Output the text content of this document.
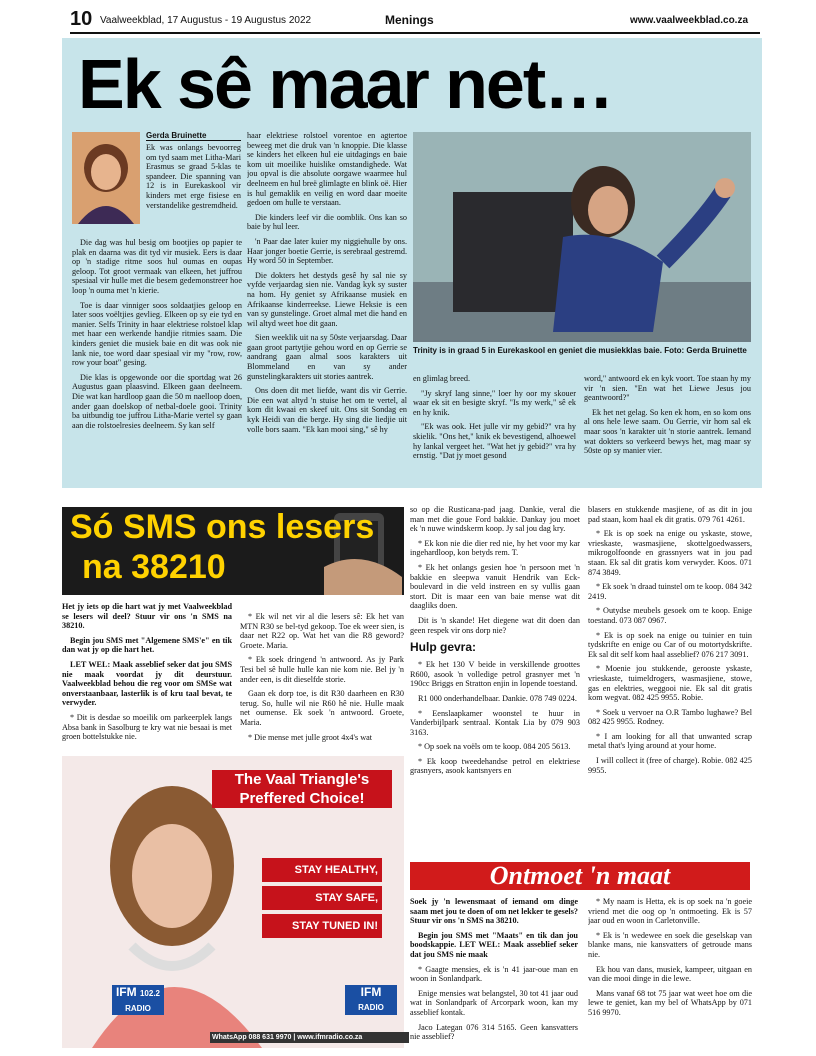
10 Vaalweekblad, 17 Augustus - 19 Augustus 2022	Menings	www.vaalweekblad.co.za
Ek sê maar net…
Gerda Bruinette

Ek was onlangs bevoorreg om tyd saam met Litha-Mari Erasmus se graad 5-klas te spandeer. Die spanning van 12 is in Eurekaskool vir kinders met erge fisiese en verstandelike gestremdheid.

Die dag was hul besig om bootjies op papier te plak en daarna was dit tyd vir musiek. Eers is daar op 'n stadige ritme soos hul oumas en oupas geloop. Tot groot vermaak van elkeen, het juffrou spesiaal vir hulle met die besem gedemonstreer hoe loop 'n ouma met 'n kierie.

Toe is daar vinniger soos soldaatjies geloop en later soos voëltjies gevlieg. Elkeen op sy eie tyd en manier. Selfs Trinity in haar elektriese rolstoel klap met haar een werkende handjie ritmies saam. Die kinders geniet die musiek baie en dit was ook nie lank nie, toe word daar spesiaal vir my "row, row, row your boat" gesing.

Die klas is opgewonde oor die sportdag wat 26 Augustus gaan plaasvind. Elkeen gaan deelneem. Die wat kan hardloop gaan die 50 m naelloop doen, ander gaan doelskop of netbal-doele gooi. Trinity ba uitbundig toe juffrou Litha-Marie vertel sy gaan aan die rolstoelresies deelneem. Sy kan self

haar elektriese rolstoel vorentoe en agtertoe beweeg met die druk van 'n knoppie. Die klasse se kinders het elkeen hul eie uitdagings en baie kom uit moeilike huislike omstandighede. Wat jou opval is die absolute oorgawe waarmee hul deelneem en hul breë glimlagte en blink oë. Hier is hul gemaklik en veilig en word daar moeite gedoen om hulle te verstaan.

Die kinders leef vir die oomblik. Ons kan so baie by hul leer.

'n Paar dae later kuier my niggiehulle by ons. Haar jonger boetie Gerrie, is serebraal gestremd. Hy word 50 in September.

Die dokters het destyds gesê hy sal nie sy vyfde verjaardag sien nie. Vandag kyk sy suster na hom. Hy geniet sy Afrikaanse musiek en Afrikaanse kinderreekse. Liewe Heksie is een van sy gunstelinge. Groet almal met die hand en wil altyd weet hoe dit gaan.

Sien weeklik uit na sy 50ste verjaarsdag. Daar gaan groot partytjie gehou word en op Gerrie se aandrang gaan almal soos karakters uit Blommeland en van sy ander gunstelingkarakters uit stories aantrek.

Ons doen dit met liefde, want dis vir Gerrie. Die een wat altyd 'n stuise het om te vertel, al kom dit kwaai en skeef uit. Ons sit Sondag en kyk Heidi van die berge. Hy sing die liedjie uit volle bors saam. "Ek kan mooi sing," sê hy

Trinity is in graad 5 in Eurekaskool en geniet die musiekklas baie. Foto: Gerda Bruinette

en glimlag breed.

"Jy skryf lang sinne," loer hy oor my skouer waar ek sit en besigte skryf. "Is my werk," sê ek en hy knik.

"Ek was ook. Het julle vir my gebid?" vra hy skielik. "Ons het," knik ek bevestigend, alhoewel hy lankal vergeet het. "Wat het jy gebid?" vra hy ernstig. "Dat jy moet gesond

word," antwoord ek en kyk voort. Toe staan hy my vir 'n sien. "En wat het Liewe Jesus jou geantwoord?"

Ek het net gelag. So ken ek hom, en so kom ons al ons hele lewe saam. Ou Gerrie, vir hom sal ek maar soos 'n karakter uit 'n storie aantrek. Iemand wat dokters so verkeerd bewys het, mag maar sy 50ste op sy manier vier.

Só SMS ons lesers
na 38210

Het jy iets op die hart wat jy met Vaalweekblad se lesers wil deel? Stuur vir ons 'n SMS na 38210.

Begin jou SMS met "Algemene SMS'e" en tik dan wat jy op die hart het.

LET WEL: Maak asseblief seker dat jou SMS nie maak voordat jy dit deurstuur. Vaalweekblad behou die reg voor om SMSe wat onverstaanbaar, lasterlik is of kru taal bevat, te verwyder.

* Dit is desdae so moeilik om parkeerplek langs Absa bank in Sasolburg te kry wat nie besaai is met groen bottelstukke nie.

* Ek wil net vir al die lesers sê: Ek het van MTN R30 se bel-tyd gekoop. Toe ek weer sien, is daar net R22 op. Wat het van die R8 geword? Groete. Maria.

* Ek soek dringend 'n antwoord. As jy Park Tesi bel sê hulle hulle kan nie kom nie. Bel jy 'n ander een, is dit dieselfde storie.

Gaan ek dorp toe, is dit R30 daarheen en R30 terug. So, hulle wil nie R60 hê nie. Hulle maak net oumense. Ek soek 'n antwoord. Groete, Maria.

* Die mense met julle groot 4x4's wat

so op die Rusticana-pad jaag. Dankie, veral die man met die goue Ford bakkie. Dankay jou moet ek 'n nuwe windskerm koop. Jy sal jou dag kry.

* Ek kon nie die dier red nie, hy het voor my kar ingehardloop, kon betyds rem. T.

* Ek het onlangs gesien hoe 'n persoon met 'n bakkie en sleepwa vanuit Hendrik van Eck-boulevard in die veld instreen en sy vullis gaan stort. Dit is maar een van baie mense wat dit daagliks doen.

Dit is 'n skande! Het diegene wat dit doen dan geen respek vir ons dorp nie?

Hulp gevra:

* Ek het 130 V beide in verskillende groottes R600, asook 'n volledige petrol grasnyer met 'n 190cc Briggs en Stratton enjin in lopende toestand.

R1 000 onderhandelbaar. Dankie. 078 749 0224.

* Eenslaapkamer woonstel te huur in Vanderbijlpark sentraal. Kontak Lia by 079 903 3163.

* Op soek na voëls om te koop. 084 205 5613.

* Ek koop tweedehandse petrol en elektriese grasnyers, asook kantsnyers en

blasers en stukkende masjiene, of as dit in jou pad staan, kom haal ek dit gratis. 079 761 4261.

* Ek is op soek na enige ou yskaste, stowe, vrieskaste, wasmasjiene, skottelgoedwassers, mikrogolfoonde en grassnyers wat in jou pad staan. Ek sal dit gratis kom verwyder. Koos. 071 874 3849.

* Ek soek 'n draad tuinstel om te koop. 084 342 2419.

* Outydse meubels gesoek om te koop. Enige toestand. 073 087 0967.

* Ek is op soek na enige ou tuinier en tuin tydskrifte en enige ou Car of ou motortydskrifte. Ek sal dit self kom haal asseblief? 076 217 3091.

* Moenie jou stukkende, gerooste yskaste, vrieskaste, tuimeldrogers, wasmasjiene, stowe, gas en elektries, weggooi nie. Ek sal dit gratis kom wegvat. 082 425 9955. Robie.

* Soek u vervoer na O.R Tambo lughawe? Bel 082 425 9955. Rodney.

* I am looking for all that unwanted scrap metal that's lying around at your home.

I will collect it (free of charge). Robie. 082 425 9955.

The Vaal Triangle's
Preffered Choice!
STAY HEALTHY,
STAY SAFE,
STAY TUNED IN!
IFM 102.2
RADIO
IFM
RADIO
WhatsApp 088 631 9970 | www.ifmradio.co.za
Ontmoet 'n maat

Soek jy 'n lewensmaat of iemand om dinge saam met jou te doen of om net lekker te gesels? Stuur vir ons 'n SMS na 38210.

Begin jou SMS met "Maats" en tik dan jou boodskappie. LET WEL: Maak asseblief seker dat jou SMS nie maak

* Gaagte mensies, ek is 'n 41 jaar-oue man en woon in Sonlandpark.

Enige mensies wat belangstel, 30 tot 41 jaar oud wat in Sonlandpark of Arcorpark woon, kan my asseblief kontak.

Jaco Lategan 076 314 5165. Geen kansvatters nie asseblief?

* My naam is Hetta, ek is op soek na 'n goeie vriend met die oog op 'n ontmoeting. Ek is 57 jaar oud en woon in Carletonville.

* Ek is 'n wedewee en soek die geselskap van blanke mans, nie kansvatters of getroude mans nie.

Ek hou van dans, musiek, kampeer, uitgaan en van die mooi dinge in die lewe.

Mans vanaf 68 tot 75 jaar wat weet hoe om die lewe te geniet, kan my bel of WhatsApp by 071 516 9970.
